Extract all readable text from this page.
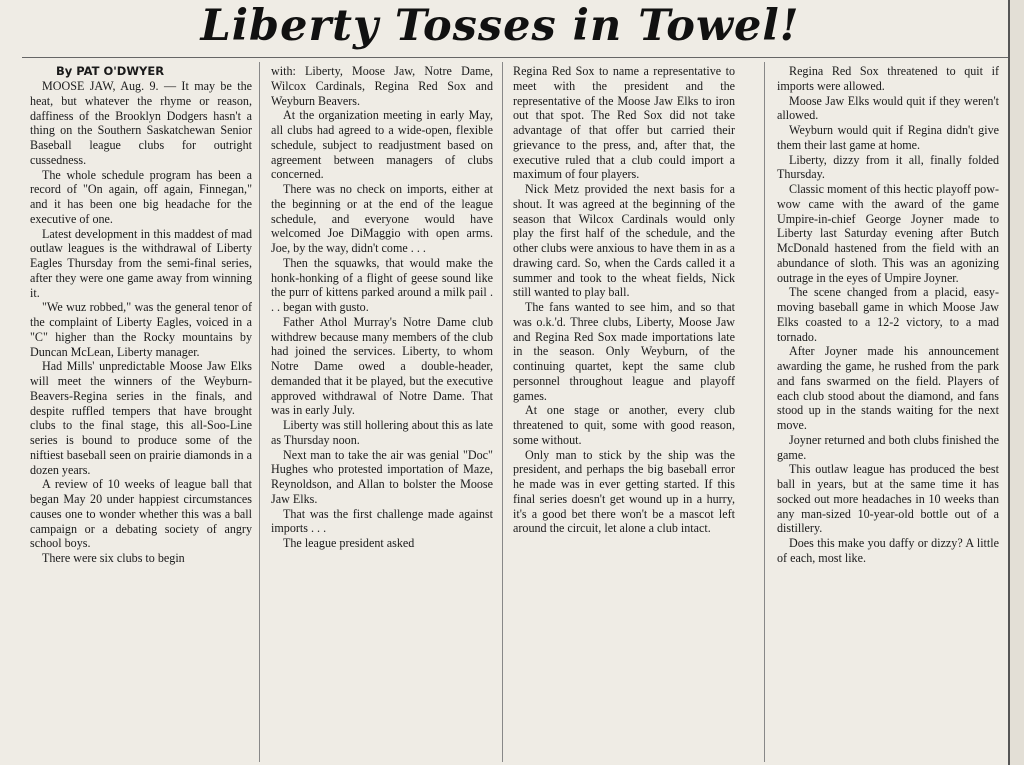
Liberty Tosses in Towel!

By PAT O'DWYER

MOOSE JAW, Aug. 9. — It may be the heat, but whatever the rhyme or reason, daffiness of the Brooklyn Dodgers hasn't a thing on the Southern Saskatchewan Senior Baseball league clubs for outright cussedness.

The whole schedule program has been a record of "On again, off again, Finnegan," and it has been one big headache for the executive of one.

Latest development in this maddest of mad outlaw leagues is the withdrawal of Liberty Eagles Thursday from the semi-final series, after they were one game away from winning it.

"We wuz robbed," was the general tenor of the complaint of Liberty Eagles, voiced in a "C" higher than the Rocky mountains by Duncan McLean, Liberty manager.

Had Mills' unpredictable Moose Jaw Elks will meet the winners of the Weyburn-Beavers-Regina series in the finals, and despite ruffled tempers that have brought clubs to the final stage, this all-Soo-Line series is bound to produce some of the niftiest baseball seen on prairie diamonds in a dozen years.

A review of 10 weeks of league ball that began May 20 under happiest circumstances causes one to wonder whether this was a ball campaign or a debating society of angry school boys.

There were six clubs to begin

with: Liberty, Moose Jaw, Notre Dame, Wilcox Cardinals, Regina Red Sox and Weyburn Beavers.

At the organization meeting in early May, all clubs had agreed to a wide-open, flexible schedule, subject to readjustment based on agreement between managers of clubs concerned.

There was no check on imports, either at the beginning or at the end of the league schedule, and everyone would have welcomed Joe DiMaggio with open arms. Joe, by the way, didn't come . . .

Then the squawks, that would make the honk-honking of a flight of geese sound like the purr of kittens parked around a milk pail . . . began with gusto.

Father Athol Murray's Notre Dame club withdrew because many members of the club had joined the services. Liberty, to whom Notre Dame owed a double-header, demanded that it be played, but the executive approved withdrawal of Notre Dame. That was in early July.

Liberty was still hollering about this as late as Thursday noon.

Next man to take the air was genial "Doc" Hughes who protested importation of Maze, Reynoldson, and Allan to bolster the Moose Jaw Elks.

That was the first challenge made against imports . . .

The league president asked

Regina Red Sox to name a representative to meet with the president and the representative of the Moose Jaw Elks to iron out that spot. The Red Sox did not take advantage of that offer but carried their grievance to the press, and, after that, the executive ruled that a club could import a maximum of four players.

Nick Metz provided the next basis for a shout. It was agreed at the beginning of the season that Wilcox Cardinals would only play the first half of the schedule, and the other clubs were anxious to have them in as a drawing card. So, when the Cards called it a summer and took to the wheat fields, Nick still wanted to play ball.

The fans wanted to see him, and so that was o.k.'d. Three clubs, Liberty, Moose Jaw and Regina Red Sox made importations late in the season. Only Weyburn, of the continuing quartet, kept the same club personnel throughout league and playoff games.

At one stage or another, every club threatened to quit, some with good reason, some without.

Only man to stick by the ship was the president, and perhaps the big baseball error he made was in ever getting started. If this final series doesn't get wound up in a hurry, it's a good bet there won't be a mascot left around the circuit, let alone a club intact.

Regina Red Sox threatened to quit if imports were allowed.

Moose Jaw Elks would quit if they weren't allowed.

Weyburn would quit if Regina didn't give them their last game at home.

Liberty, dizzy from it all, finally folded Thursday.

Classic moment of this hectic playoff pow-wow came with the award of the game Umpire-in-chief George Joyner made to Liberty last Saturday evening after Butch McDonald hastened from the field with an abundance of sloth. This was an agonizing outrage in the eyes of Umpire Joyner.

The scene changed from a placid, easy-moving baseball game in which Moose Jaw Elks coasted to a 12-2 victory, to a mad tornado.

After Joyner made his announcement awarding the game, he rushed from the park and fans swarmed on the field. Players of each club stood about the diamond, and fans stood up in the stands waiting for the next move.

Joyner returned and both clubs finished the game.

This outlaw league has produced the best ball in years, but at the same time it has socked out more headaches in 10 weeks than any man-sized 10-year-old bottle out of a distillery.

Does this make you daffy or dizzy? A little of each, most like.
